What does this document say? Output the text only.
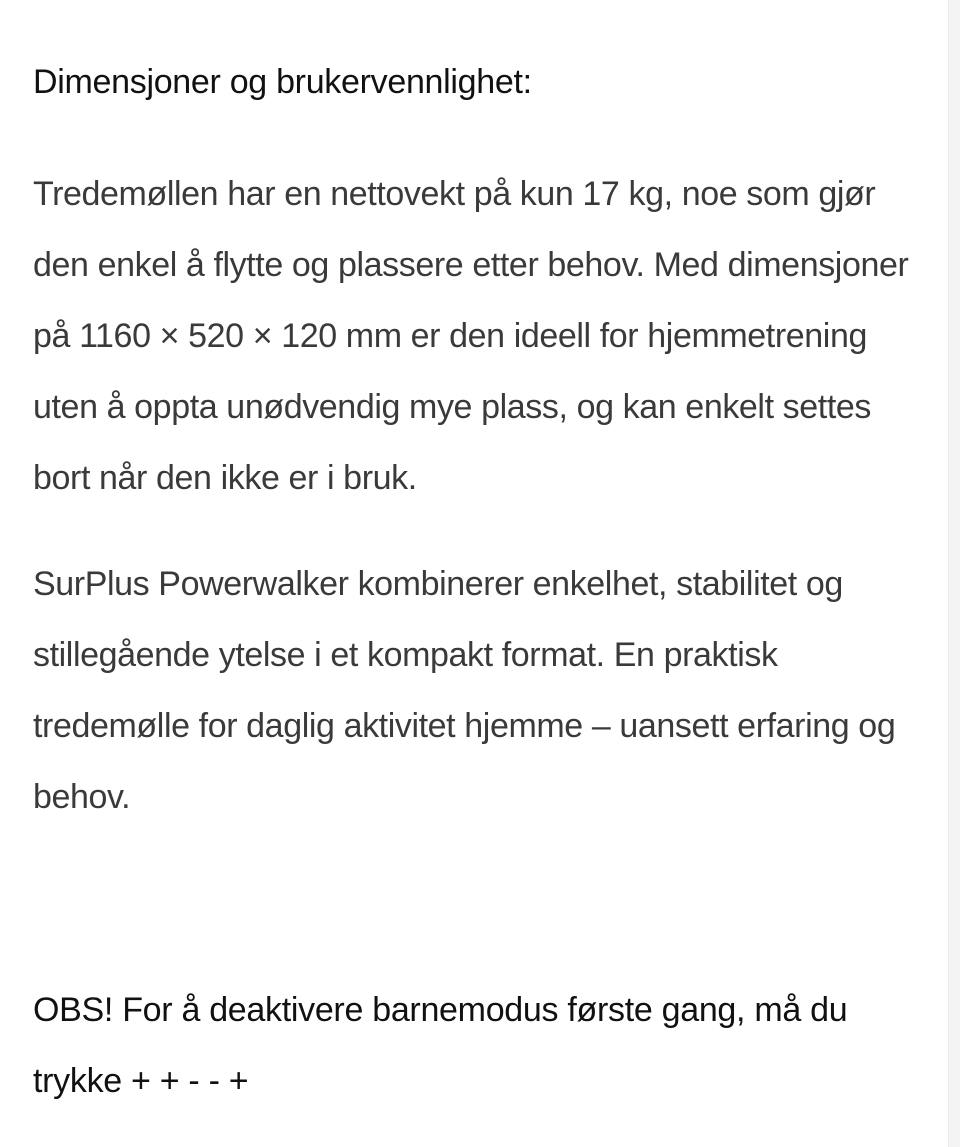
Dimensjoner og brukervennlighet:

Tredemøllen har en nettovekt på kun 17 kg, noe som gjør den enkel å flytte og plassere etter behov. Med dimensjoner på 1160 × 520 × 120 mm er den ideell for hjemmetrening uten å oppta unødvendig mye plass, og kan enkelt settes bort når den ikke er i bruk.

SurPlus Powerwalker kombinerer enkelhet, stabilitet og stillegående ytelse i et kompakt format. En praktisk tredemølle for daglig aktivitet hjemme – uansett erfaring og behov.

OBS! For å deaktivere barnemodus første gang, må du trykke + + - - +
